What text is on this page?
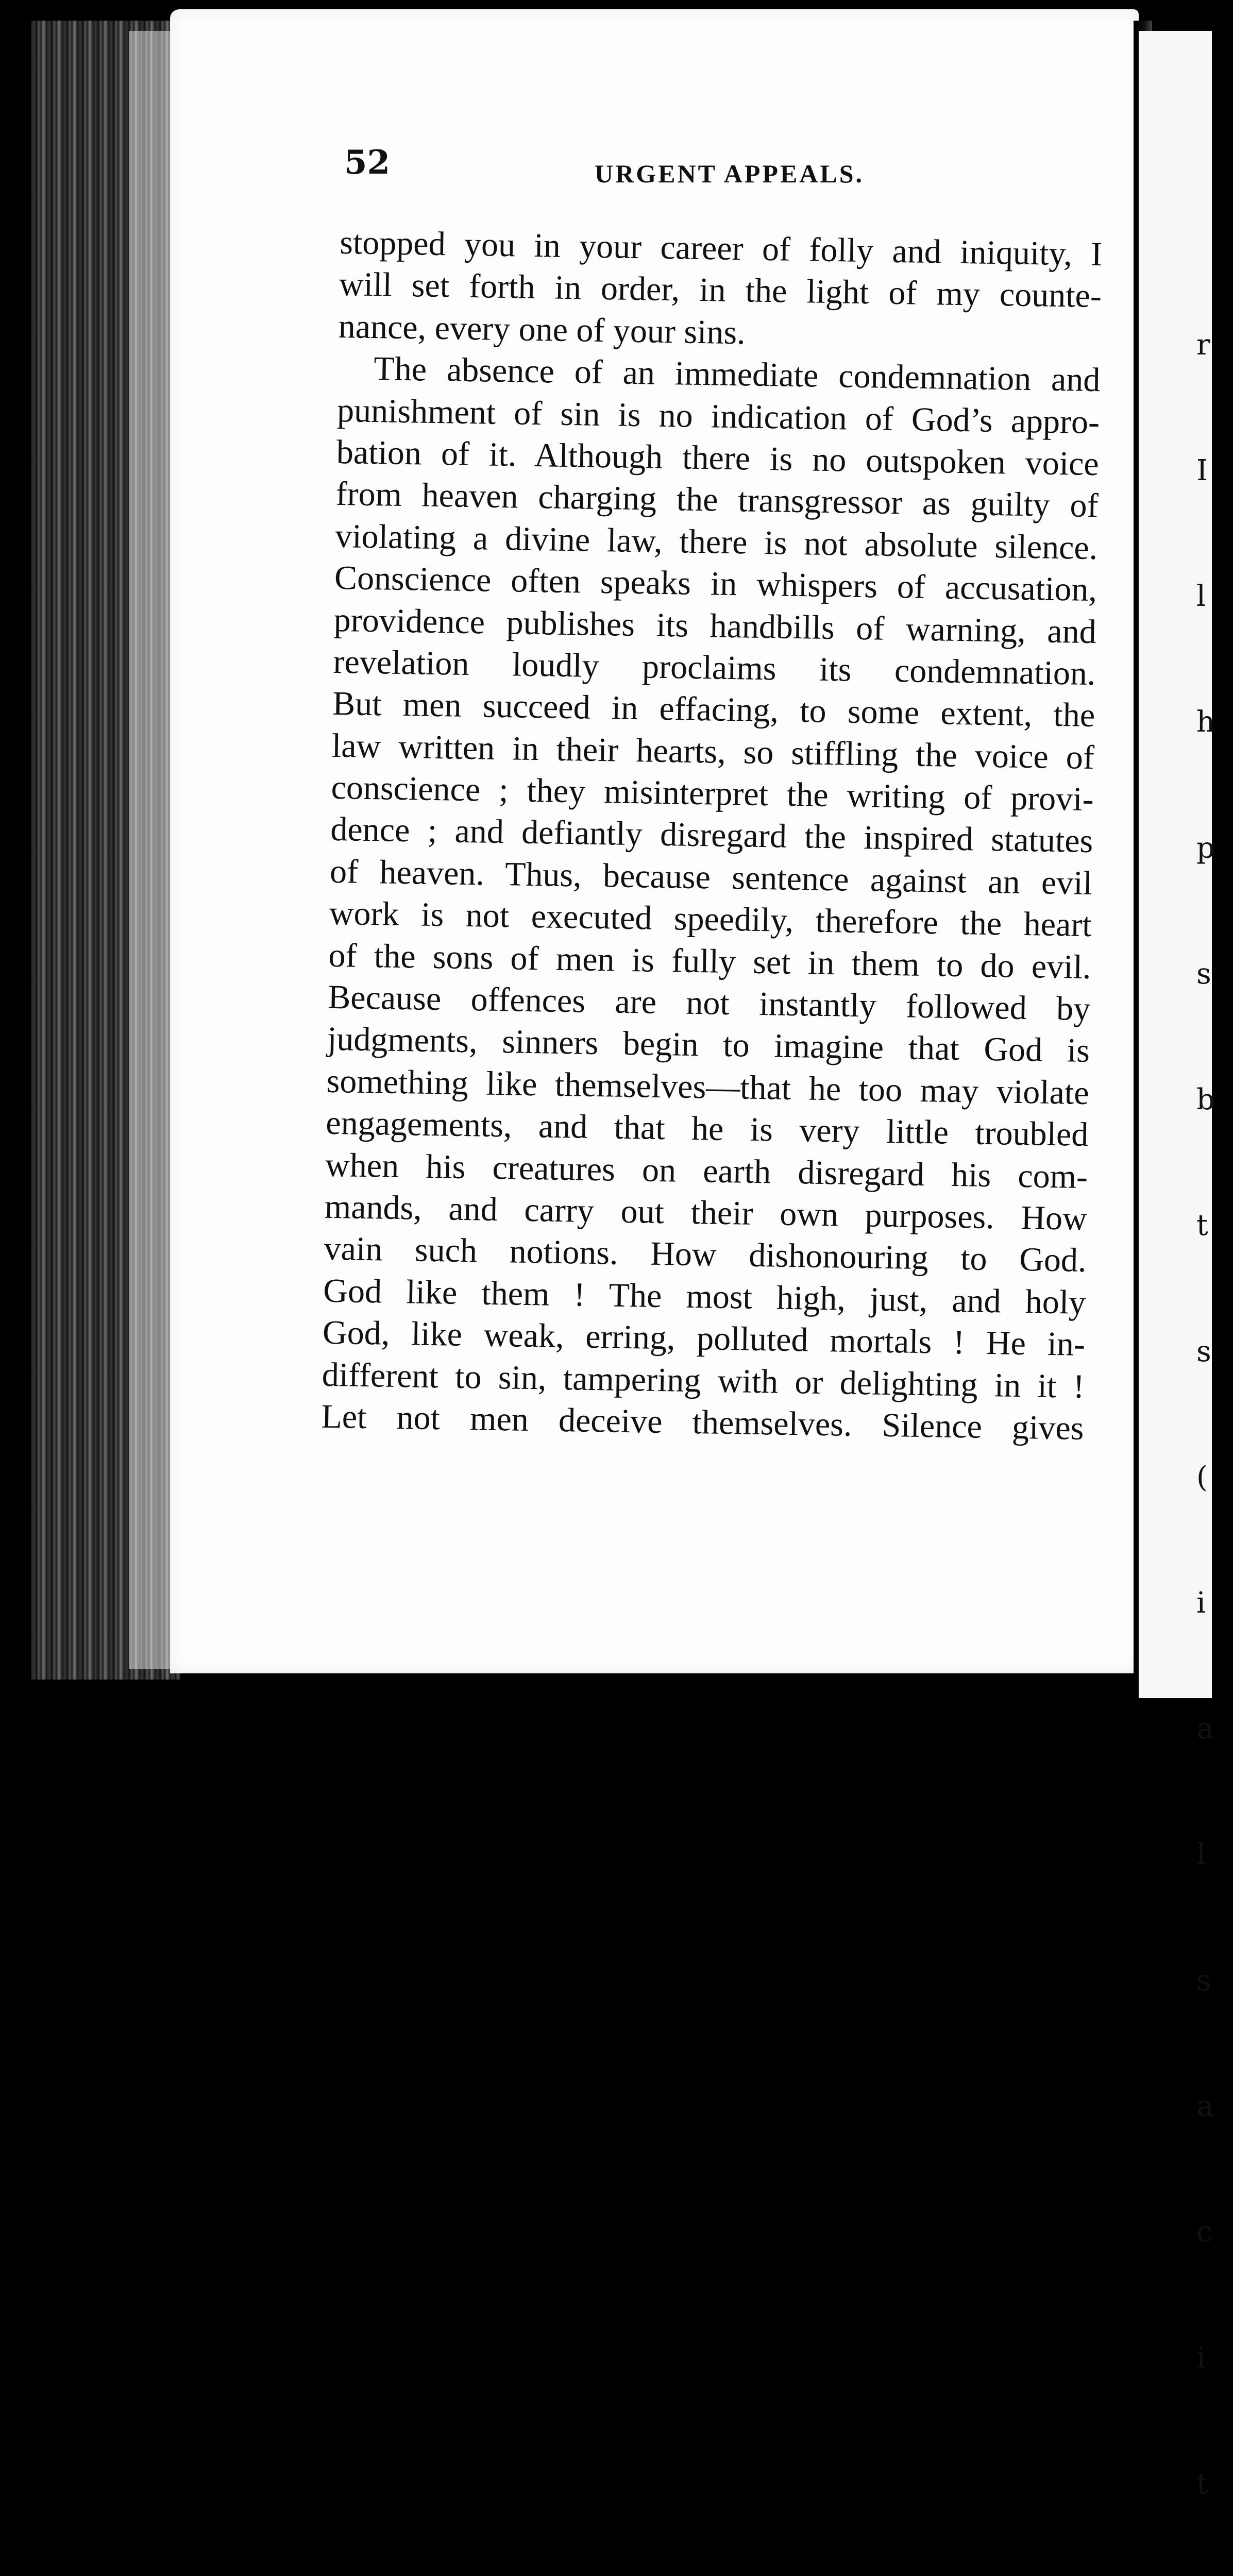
r

I

l

h

p

s

b

t

s

(

i

a

l

s

a

c

i

t

52	URGENT APPEALS.
stopped you in your career of folly and iniquity, I
will set forth in order, in the light of my counte-
nance, every one of your sins.
The absence of an immediate condemnation and
punishment of sin is no indication of God’s appro-
bation of it. Although there is no outspoken voice
from heaven charging the transgressor as guilty of
violating a divine law, there is not absolute silence.
Conscience often speaks in whispers of accusation,
providence publishes its handbills of warning, and
revelation loudly proclaims its condemnation.
But men succeed in effacing, to some extent, the
law written in their hearts, so stiffling the voice of
conscience ; they misinterpret the writing of provi-
dence ; and defiantly disregard the inspired statutes
of heaven. Thus, because sentence against an evil
work is not executed speedily, therefore the heart
of the sons of men is fully set in them to do evil.
Because offences are not instantly followed by
judgments, sinners begin to imagine that God is
something like themselves—that he too may violate
engagements, and that he is very little troubled
when his creatures on earth disregard his com-
mands, and carry out their own purposes. How
vain such notions. How dishonouring to God.
God like them ! The most high, just, and holy
God, like weak, erring, polluted mortals ! He in-
different to sin, tampering with or delighting in it !
Let not men deceive themselves. Silence gives
